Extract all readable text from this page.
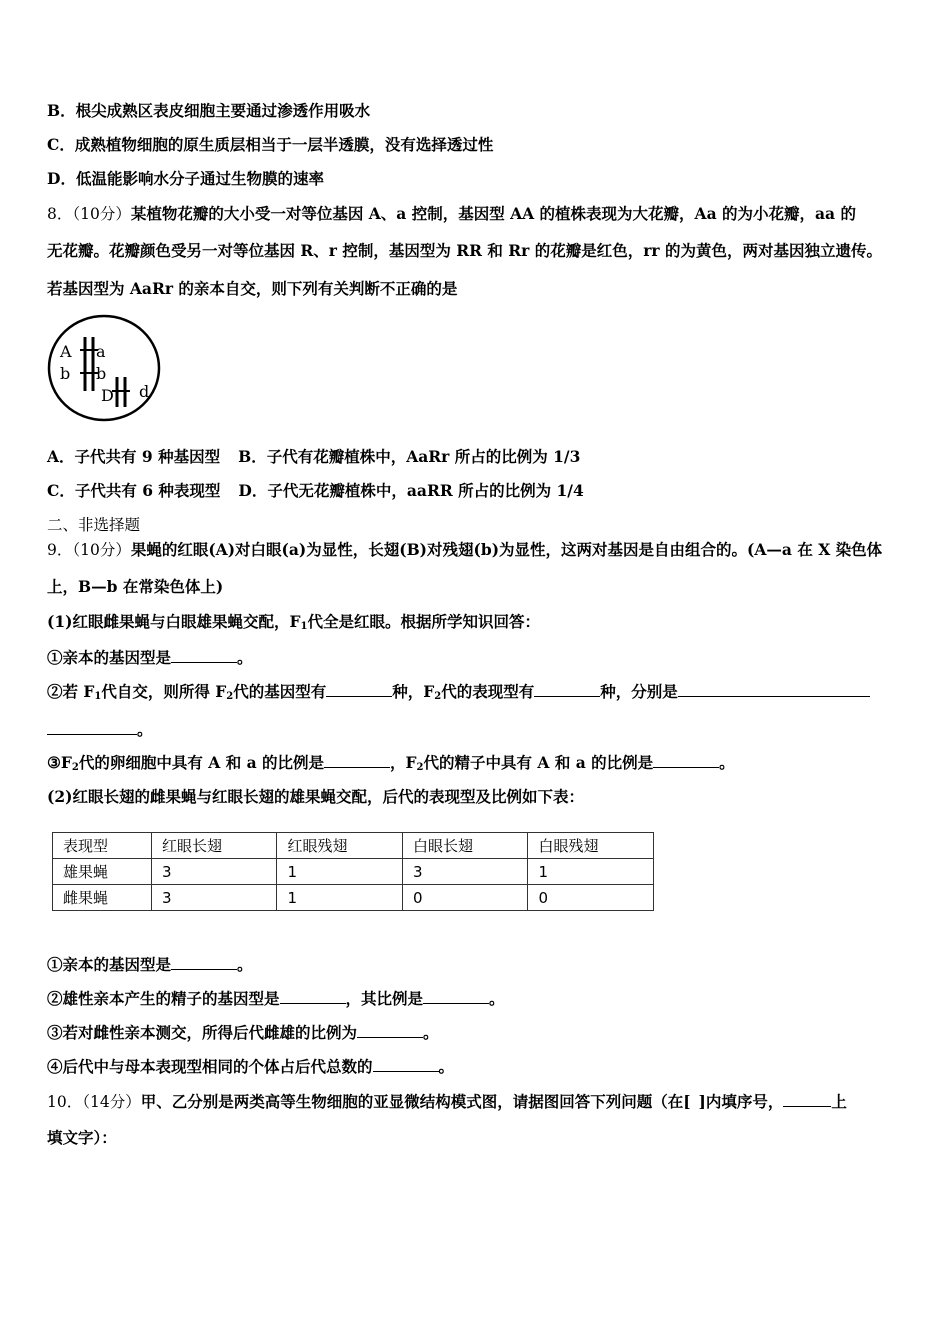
B．根尖成熟区表皮细胞主要通过渗透作用吸水
C．成熟植物细胞的原生质层相当于一层半透膜，没有选择透过性
D．低温能影响水分子通过生物膜的速率
8．（10分）某植物花瓣的大小受一对等位基因 A、a 控制，基因型 AA 的植株表现为大花瓣，Aa 的为小花瓣，aa 的
无花瓣。花瓣颜色受另一对等位基因 R、r 控制，基因型为 RR 和 Rr 的花瓣是红色，rr 的为黄色，两对基因独立遗传。
若基因型为 AaRr 的亲本自交，则下列有关判断不正确的是
A a
b b
D d
A．子代共有 9 种基因型 B．子代有花瓣植株中，AaRr 所占的比例为 1/3
C．子代共有 6 种表现型 D．子代无花瓣植株中，aaRR 所占的比例为 1/4
二、非选择题
9．（10分）果蝇的红眼(A)对白眼(a)为显性，长翅(B)对残翅(b)为显性，这两对基因是自由组合的。(A—a 在 X 染色体
上，B—b 在常染色体上)
(1)红眼雌果蝇与白眼雄果蝇交配，$F_1$代全是红眼。根据所学知识回答：
①亲本的基因型是	。
②若 $F_1$代自交，则所得 $F_2$代的基因型有	种，$F_2$代的表现型有	种，分别是
。
$③F_2$代的卵细胞中具有 A 和 a 的比例是	，$F_2$代的精子中具有 A 和 a 的比例是	。
(2)红眼长翅的雌果蝇与红眼长翅的雄果蝇交配，后代的表现型及比例如下表：
表现型	红眼长翅	红眼残翅	白眼长翅	白眼残翅
雄果蝇	3	1	3	1
雌果蝇	3	1	0	0
①亲本的基因型是	。
②雄性亲本产生的精子的基因型是	，其比例是	。
③若对雌性亲本测交，所得后代雌雄的比例为	。
④后代中与母本表现型相同的个体占后代总数的	。
10．（14分）甲、乙分别是两类高等生物细胞的亚显微结构模式图，请据图回答下列问题（在[ ]内填序号，	上
填文字）：
